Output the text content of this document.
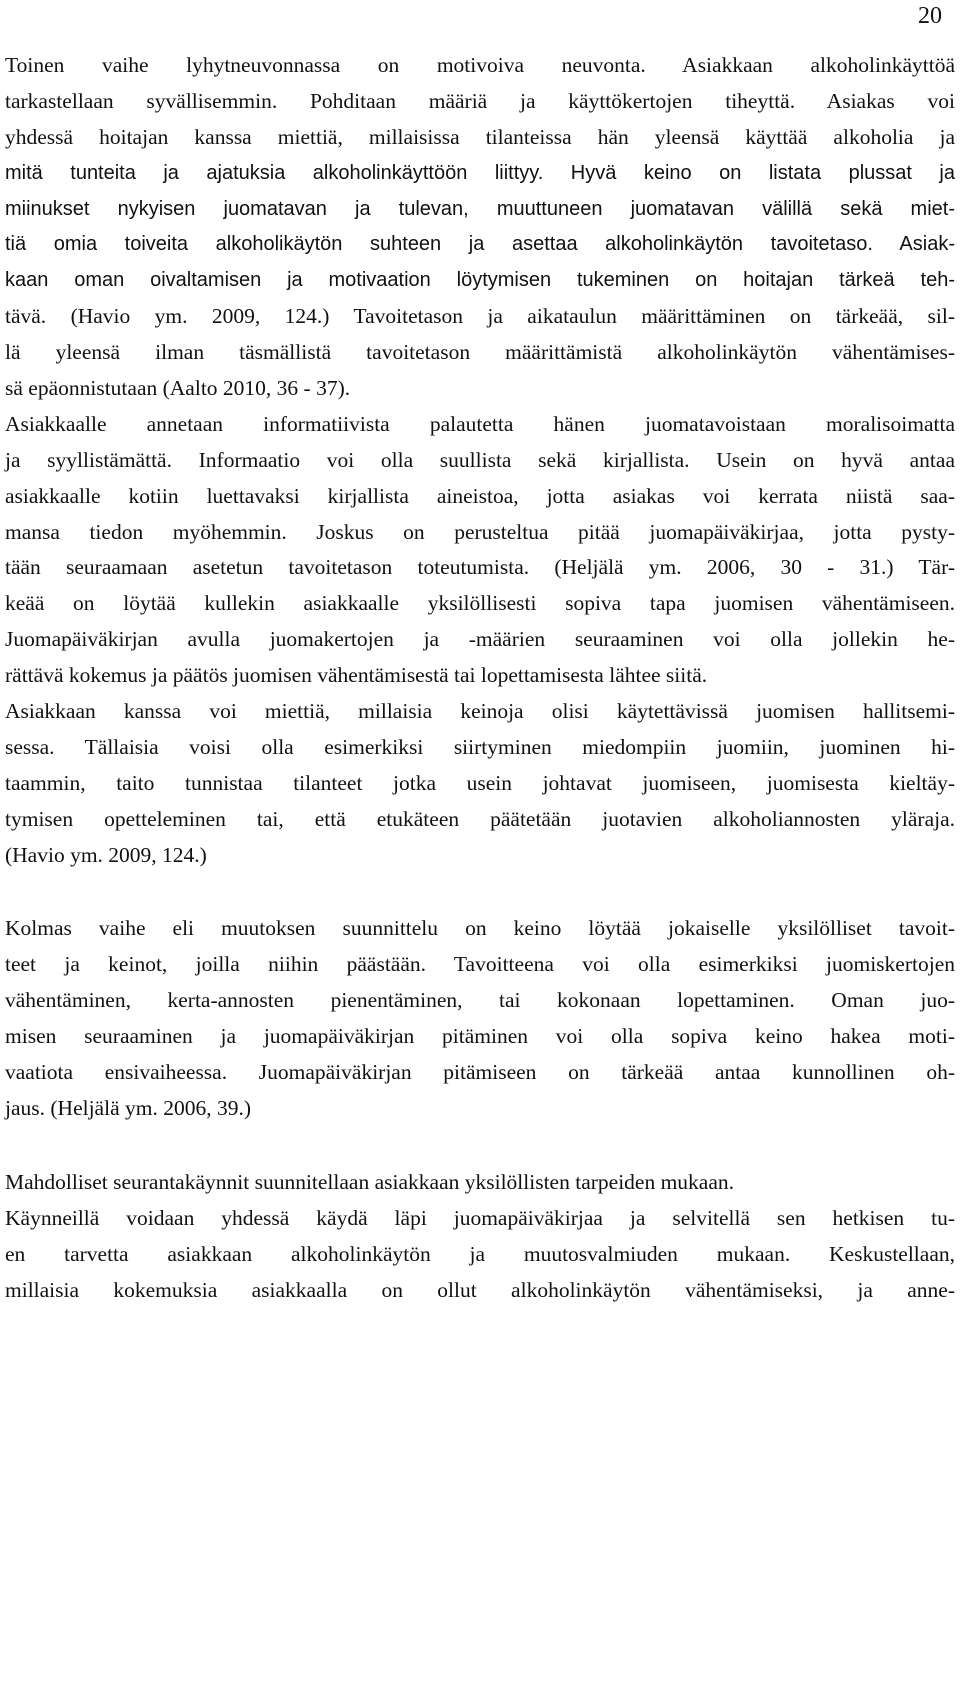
20
Toinen vaihe lyhytneuvonnassa on motivoiva neuvonta. Asiakkaan alkoholinkäyttöä
tarkastellaan syvällisemmin. Pohditaan määriä ja käyttökertojen tiheyttä. Asiakas voi
yhdessä hoitajan kanssa miettiä, millaisissa tilanteissa hän yleensä käyttää alkoholia ja
mitä tunteita ja ajatuksia alkoholinkäyttöön liittyy. Hyvä keino on listata plussat ja
miinukset nykyisen juomatavan ja tulevan, muuttuneen juomatavan välillä sekä miet-
tiä omia toiveita alkoholikäytön suhteen ja asettaa alkoholinkäytön tavoitetaso. Asiak-
kaan oman oivaltamisen ja motivaation löytymisen tukeminen on hoitajan tärkeä teh-
tävä. (Havio ym. 2009, 124.) Tavoitetason ja aikataulun määrittäminen on tärkeää, sil-
lä yleensä ilman täsmällistä tavoitetason määrittämistä alkoholinkäytön vähentämises-
sä epäonnistutaan (Aalto 2010, 36 - 37).
Asiakkaalle annetaan informatiivista palautetta hänen juomatavoistaan moralisoimatta
ja syyllistämättä. Informaatio voi olla suullista sekä kirjallista. Usein on hyvä antaa
asiakkaalle kotiin luettavaksi kirjallista aineistoa, jotta asiakas voi kerrata niistä saa-
mansa tiedon myöhemmin. Joskus on perusteltua pitää juomapäiväkirjaa, jotta pysty-
tään seuraamaan asetetun tavoitetason toteutumista. (Heljälä ym. 2006, 30 - 31.) Tär-
keää on löytää kullekin asiakkaalle yksilöllisesti sopiva tapa juomisen vähentämiseen.
Juomapäiväkirjan avulla juomakertojen ja -määrien seuraaminen voi olla jollekin he-
rättävä kokemus ja päätös juomisen vähentämisestä tai lopettamisesta lähtee siitä.
Asiakkaan kanssa voi miettiä, millaisia keinoja olisi käytettävissä juomisen hallitsemi-
sessa. Tällaisia voisi olla esimerkiksi siirtyminen miedompiin juomiin, juominen hi-
taammin, taito tunnistaa tilanteet jotka usein johtavat juomiseen, juomisesta kieltäy-
tymisen opetteleminen tai, että etukäteen päätetään juotavien alkoholiannosten yläraja.
(Havio ym. 2009, 124.)
Kolmas vaihe eli muutoksen suunnittelu on keino löytää jokaiselle yksilölliset tavoit-
teet ja keinot, joilla niihin päästään. Tavoitteena voi olla esimerkiksi juomiskertojen
vähentäminen, kerta-annosten pienentäminen, tai kokonaan lopettaminen. Oman juo-
misen seuraaminen ja juomapäiväkirjan pitäminen voi olla sopiva keino hakea moti-
vaatiota ensivaiheessa. Juomapäiväkirjan pitämiseen on tärkeää antaa kunnollinen oh-
jaus. (Heljälä ym. 2006, 39.)
Mahdolliset seurantakäynnit suunnitellaan asiakkaan yksilöllisten tarpeiden mukaan.
Käynneillä voidaan yhdessä käydä läpi juomapäiväkirjaa ja selvitellä sen hetkisen tu-
en tarvetta asiakkaan alkoholinkäytön ja muutosvalmiuden mukaan. Keskustellaan,
millaisia kokemuksia asiakkaalla on ollut alkoholinkäytön vähentämiseksi, ja anne-
